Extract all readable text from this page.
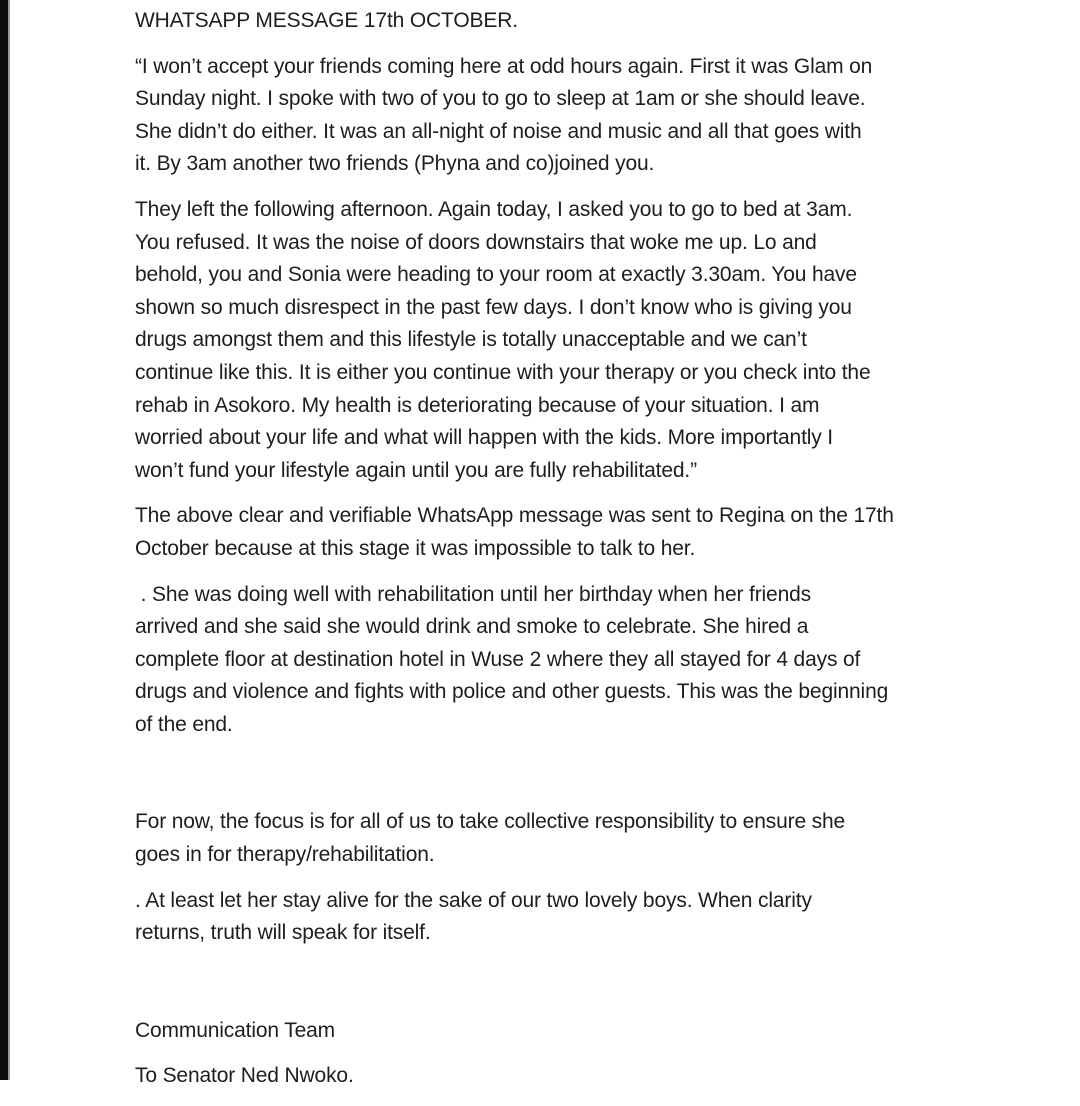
WHATSAPP MESSAGE 17th OCTOBER.
“I won’t accept your friends coming here at odd hours again. First it was Glam on
Sunday night. I spoke with two of you to go to sleep at 1am or she should leave.
She didn’t do either. It was an all-night of noise and music and all that goes with
it. By 3am another two friends (Phyna and co)joined you.
They left the following afternoon. Again today, I asked you to go to bed at 3am.
You refused. It was the noise of doors downstairs that woke me up. Lo and
behold, you and Sonia were heading to your room at exactly 3.30am. You have
shown so much disrespect in the past few days. I don’t know who is giving you
drugs amongst them and this lifestyle is totally unacceptable and we can’t
continue like this. It is either you continue with your therapy or you check into the
rehab in Asokoro. My health is deteriorating because of your situation. I am
worried about your life and what will happen with the kids. More importantly I
won’t fund your lifestyle again until you are fully rehabilitated.”
The above clear and verifiable WhatsApp message was sent to Regina on the 17th
October because at this stage it was impossible to talk to her.
. She was doing well with rehabilitation until her birthday when her friends
arrived and she said she would drink and smoke to celebrate. She hired a
complete floor at destination hotel in Wuse 2 where they all stayed for 4 days of
drugs and violence and fights with police and other guests. This was the beginning
of the end.
For now, the focus is for all of us to take collective responsibility to ensure she
goes in for therapy/rehabilitation.
. At least let her stay alive for the sake of our two lovely boys. When clarity
returns, truth will speak for itself.
Communication Team
To Senator Ned Nwoko.
